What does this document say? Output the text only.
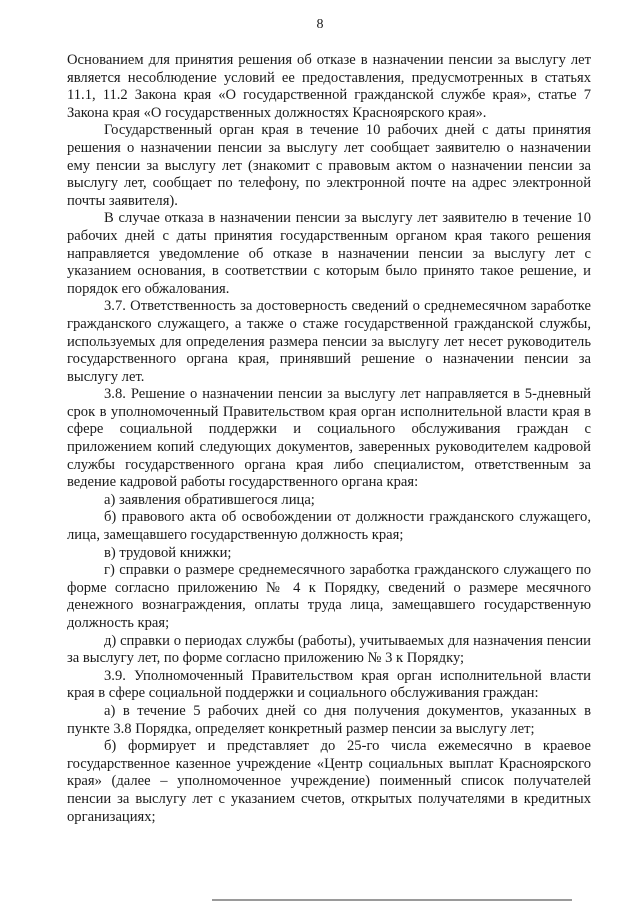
8

Основанием для принятия решения об отказе в назначении пенсии за выслугу лет является несоблюдение условий ее предоставления, предусмотренных в статьях 11.1, 11.2 Закона края «О государственной гражданской службе края», статье 7 Закона края «О государственных должностях Красноярского края».

Государственный орган края в течение 10 рабочих дней с даты принятия решения о назначении пенсии за выслугу лет сообщает заявителю о назначении ему пенсии за выслугу лет (знакомит с правовым актом о назначении пенсии за выслугу лет, сообщает по телефону, по электронной почте на адрес электронной почты заявителя).

В случае отказа в назначении пенсии за выслугу лет заявителю в течение 10 рабочих дней с даты принятия государственным органом края такого решения направляется уведомление об отказе в назначении пенсии за выслугу лет с указанием основания, в соответствии с которым было принято такое решение, и порядок его обжалования.

3.7. Ответственность за достоверность сведений о среднемесячном заработке гражданского служащего, а также о стаже государственной гражданской службы, используемых для определения размера пенсии за выслугу лет несет руководитель государственного органа края, принявший решение о назначении пенсии за выслугу лет.

3.8. Решение о назначении пенсии за выслугу лет направляется в 5-дневный срок в уполномоченный Правительством края орган исполнительной власти края в сфере социальной поддержки и социального обслуживания граждан с приложением копий следующих документов, заверенных руководителем кадровой службы государственного органа края либо специалистом, ответственным за ведение кадровой работы государственного органа края:

а) заявления обратившегося лица;

б) правового акта об освобождении от должности гражданского служащего, лица, замещавшего государственную должность края;

в) трудовой книжки;

г) справки о размере среднемесячного заработка гражданского служащего по форме согласно приложению № 4 к Порядку, сведений о размере месячного денежного вознаграждения, оплаты труда лица, замещавшего государственную должность края;

д) справки о периодах службы (работы), учитываемых для назначения пенсии за выслугу лет, по форме согласно приложению № 3 к Порядку;

3.9. Уполномоченный Правительством края орган исполнительной власти края в сфере социальной поддержки и социального обслуживания граждан:

а) в течение 5 рабочих дней со дня получения документов, указанных в пункте 3.8 Порядка, определяет конкретный размер пенсии за выслугу лет;

б) формирует и представляет до 25-го числа ежемесячно в краевое государственное казенное учреждение «Центр социальных выплат Красноярского края» (далее – уполномоченное учреждение) поименный список получателей пенсии за выслугу лет с указанием счетов, открытых получателями в кредитных организациях;
